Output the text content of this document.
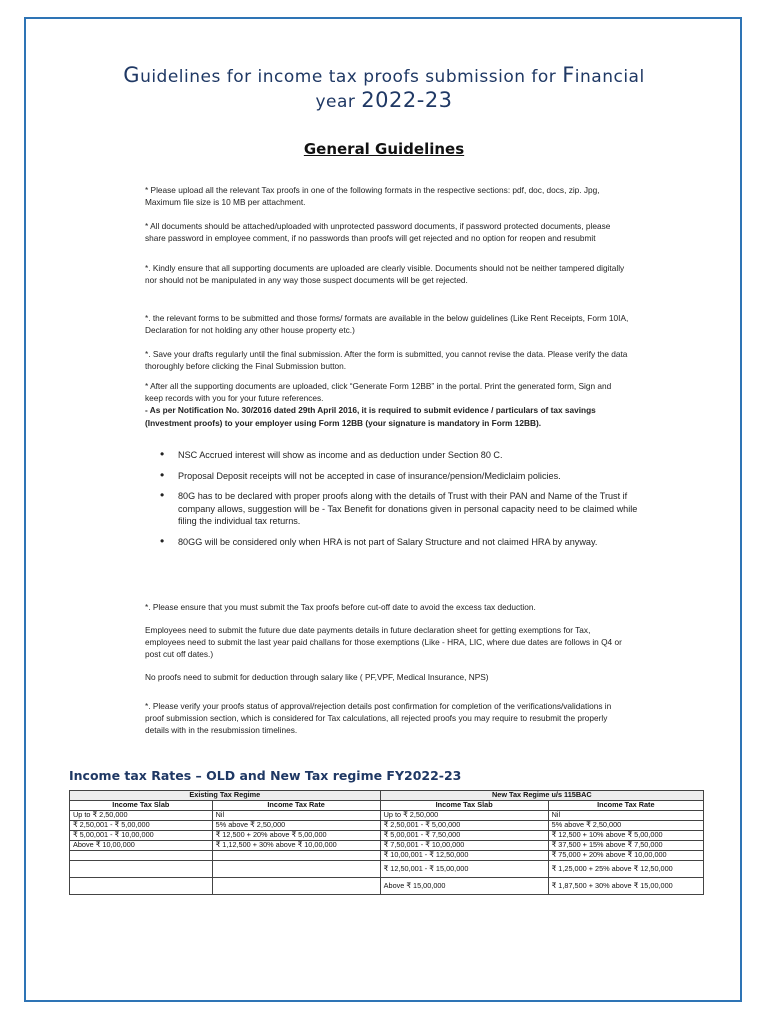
Guidelines for income tax proofs submission for Financial
year 2022-23
General Guidelines
* Please upload all the relevant Tax proofs in one of the following formats in the respective sections: pdf, doc, docs, zip. Jpg, Maximum file size is 10 MB per attachment.
* All documents should be attached/uploaded with unprotected password documents, if password protected documents, please share password in employee comment, if no passwords than proofs will get rejected and no option for reopen and resubmit
*. Kindly ensure that all supporting documents are uploaded are clearly visible. Documents should not be neither tampered digitally nor should not be manipulated in any way those suspect documents will be get rejected.
*. the relevant forms to be submitted and those forms/ formats are available in the below guidelines (Like Rent Receipts, Form 10IA, Declaration for not holding any other house property etc.)
*. Save your drafts regularly until the final submission. After the form is submitted, you cannot revise the data. Please verify the data thoroughly before clicking the Final Submission button.
* After all the supporting documents are uploaded, click “Generate Form 12BB” in the portal. Print the generated form, Sign and keep records with you for your future references.
- As per Notification No. 30/2016 dated 29th April 2016, it is required to submit evidence / particulars of tax savings (Investment proofs) to your employer using Form 12BB (your signature is mandatory in Form 12BB).
• NSC Accrued interest will show as income and as deduction under Section 80 C.
• Proposal Deposit receipts will not be accepted in case of insurance/pension/Mediclaim policies.
• 80G has to be declared with proper proofs along with the details of Trust with their PAN and Name of the Trust if company allows, suggestion will be - Tax Benefit for donations given in personal capacity need to be claimed while filing the individual tax returns.
• 80GG will be considered only when HRA is not part of Salary Structure and not claimed HRA by anyway.
*. Please ensure that you must submit the Tax proofs before cut-off date to avoid the excess tax deduction.
Employees need to submit the future due date payments details in future declaration sheet for getting exemptions for Tax, employees need to submit the last year paid challans for those exemptions (Like - HRA, LIC, where due dates are follows in Q4 or post cut off dates.)
No proofs need to submit for deduction through salary like ( PF,VPF, Medical Insurance, NPS)
*. Please verify your proofs status of approval/rejection details post confirmation for completion of the verifications/validations in proof submission section, which is considered for Tax calculations, all rejected proofs you may require to resubmit the properly details with in the resubmission timelines.
Income tax Rates – OLD and New Tax regime FY2022-23
Existing Tax Regime		New Tax Regime u/s 115BAC	
Income Tax Slab	Income Tax Rate	Income Tax Slab	Income Tax Rate
Up to ₹ 2,50,000	Nil	Up to ₹ 2,50,000	Nil
₹ 2,50,001 - ₹ 5,00,000	5% above ₹ 2,50,000	₹ 2,50,001 - ₹ 5,00,000	5% above ₹ 2,50,000
₹ 5,00,001 - ₹ 10,00,000	₹ 12,500 + 20% above ₹ 5,00,000	₹ 5,00,001 - ₹ 7,50,000	₹ 12,500 + 10% above ₹ 5,00,000
Above ₹ 10,00,000	₹ 1,12,500 + 30% above ₹ 10,00,000	₹ 7,50,001 - ₹ 10,00,000	₹ 37,500 + 15% above ₹ 7,50,000
		₹ 10,00,001 - ₹ 12,50,000	₹ 75,000 + 20% above ₹ 10,00,000
		₹ 12,50,001 - ₹ 15,00,000	₹ 1,25,000 + 25% above ₹ 12,50,000
		Above ₹ 15,00,000	₹ 1,87,500 + 30% above ₹ 15,00,000
